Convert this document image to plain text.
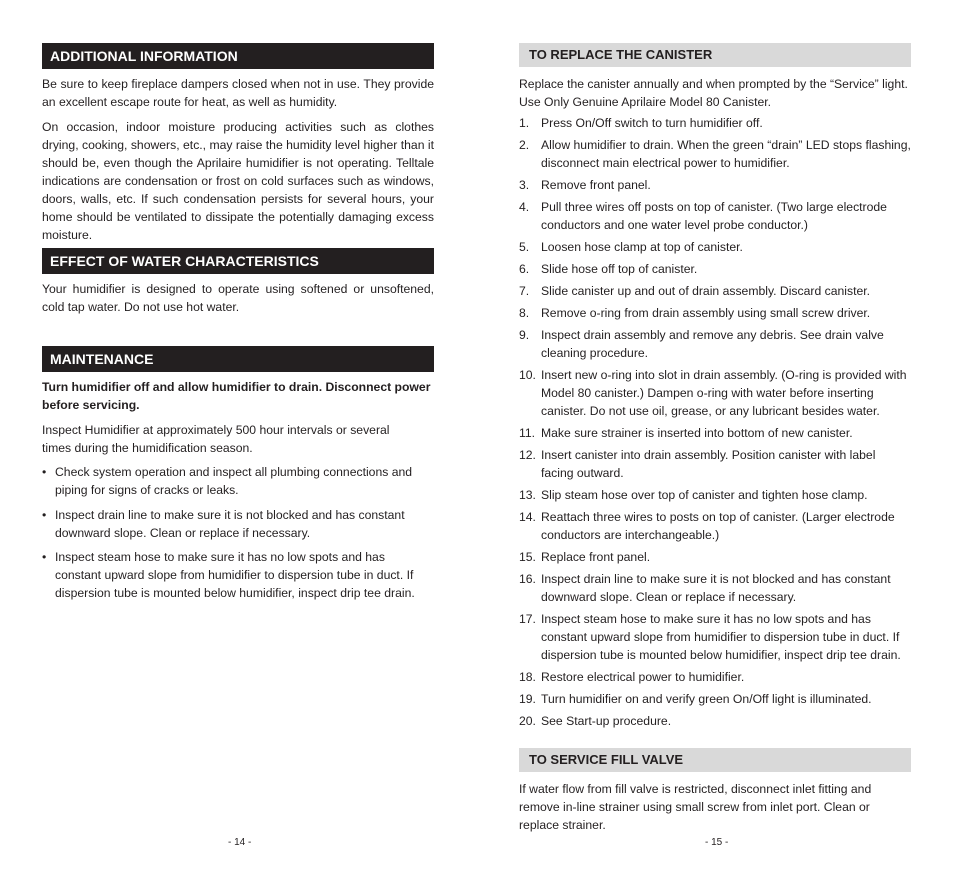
ADDITIONAL INFORMATION

Be sure to keep fireplace dampers closed when not in use. They provide an excellent escape route for heat, as well as humidity.

On occasion, indoor moisture producing activities such as clothes drying, cooking, showers, etc., may raise the humidity level higher than it should be, even though the Aprilaire humidifier is not operating. Telltale indications are condensation or frost on cold surfaces such as windows, doors, walls, etc. If such condensation persists for several hours, your home should be ventilated to dissipate the potentially damaging excess moisture.

EFFECT OF WATER CHARACTERISTICS

Your humidifier is designed to operate using softened or unsoftened, cold tap water. Do not use hot water.

MAINTENANCE

Turn humidifier off and allow humidifier to drain. Disconnect power before servicing.

Inspect Humidifier at approximately 500 hour intervals or several times during the humidification season.

• Check system operation and inspect all plumbing connections and piping for signs of cracks or leaks.
• Inspect drain line to make sure it is not blocked and has constant downward slope. Clean or replace if necessary.
• Inspect steam hose to make sure it has no low spots and has constant upward slope from humidifier to dispersion tube in duct. If dispersion tube is mounted below humidifier, inspect drip tee drain.
- 14 -
TO REPLACE THE CANISTER

Replace the canister annually and when prompted by the “Service” light. Use Only Genuine Aprilaire Model 80 Canister.

1. Press On/Off switch to turn humidifier off.
2. Allow humidifier to drain. When the green “drain” LED stops flashing, disconnect main electrical power to humidifier.
3. Remove front panel.
4. Pull three wires off posts on top of canister. (Two large electrode conductors and one water level probe conductor.)
5. Loosen hose clamp at top of canister.
6. Slide hose off top of canister.
7. Slide canister up and out of drain assembly. Discard canister.
8. Remove o-ring from drain assembly using small screw driver.
9. Inspect drain assembly and remove any debris. See drain valve cleaning procedure.
10. Insert new o-ring into slot in drain assembly. (O-ring is provided with Model 80 canister.) Dampen o-ring with water before inserting canister. Do not use oil, grease, or any lubricant besides water.
11. Make sure strainer is inserted into bottom of new canister.
12. Insert canister into drain assembly. Position canister with label facing outward.
13. Slip steam hose over top of canister and tighten hose clamp.
14. Reattach three wires to posts on top of canister. (Larger electrode conductors are interchangeable.)
15. Replace front panel.
16. Inspect drain line to make sure it is not blocked and has constant downward slope. Clean or replace if necessary.
17. Inspect steam hose to make sure it has no low spots and has constant upward slope from humidifier to dispersion tube in duct. If dispersion tube is mounted below humidifier, inspect drip tee drain.
18. Restore electrical power to humidifier.
19. Turn humidifier on and verify green On/Off light is illuminated.
20. See Start-up procedure.
TO SERVICE FILL VALVE

If water flow from fill valve is restricted, disconnect inlet fitting and remove in-line strainer using small screw from inlet port. Clean or replace strainer.

- 15 -
